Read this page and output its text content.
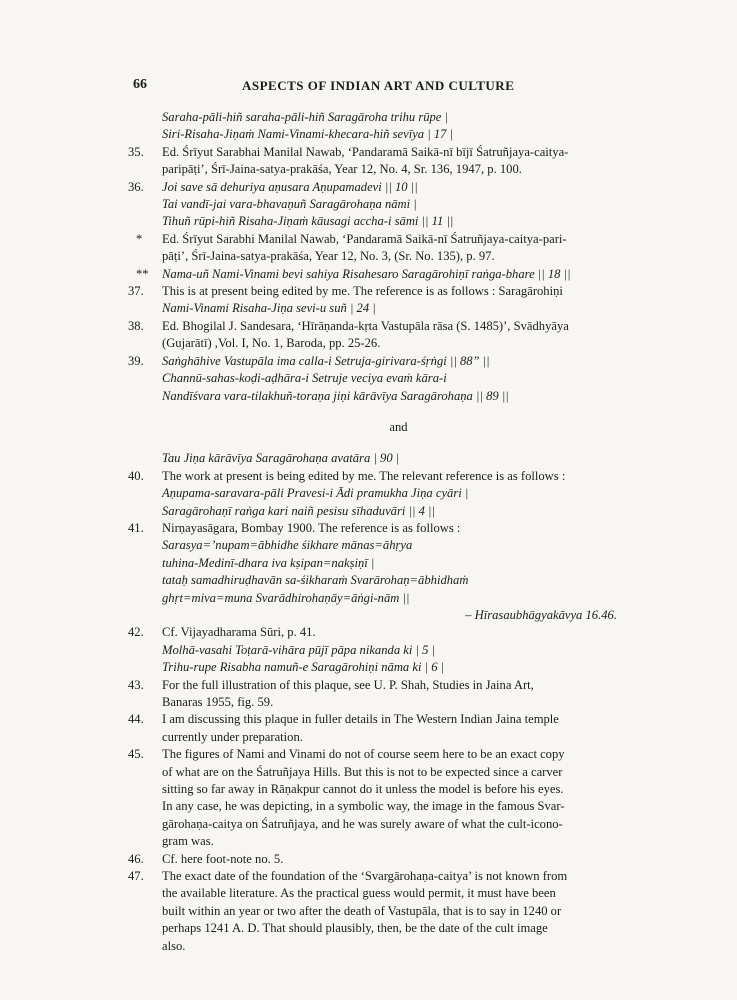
66	ASPECTS OF INDIAN ART AND CULTURE
Saraha-pāli-hiñ saraha-pāli-hiñ Saragāroha trihu rūpe |
Siri-Risaha-Jiṇaṁ Nami-Vinami-khecara-hiñ sevīya | 17 |
35.	Ed. Śrīyut Sarabhai Manilal Nawab, ‘Pandaramā Saikā-nī bījī Śatruñjaya-caitya-
paripāṭi’, Śrī-Jaina-satya-prakāśa, Year 12, No. 4, Sr. 136, 1947, p. 100.
36.	Joi save sā dehuriya aṇusara Aṇupamadevi || 10 ||
Tai vandī-jai vara-bhavaṇuñ Saragārohaṇa nāmi |
Tihuñ rūpi-hiñ Risaha-Jiṇaṁ kāusagi accha-i sāmi || 11 ||
* Ed. Śrīyut Sarabhi Manilal Nawab, ‘Pandaramā Saikā-nī Śatruñjaya-caitya-pari-
pāṭi’, Śrī-Jaina-satya-prakāśa, Year 12, No. 3, (Sr. No. 135), p. 97.
** Nama-uñ Nami-Vinami bevi sahiya Risahesaro Saragārohiṇī raṅga-bhare || 18 ||
37.	This is at present being edited by me. The reference is as follows : Saragārohiṇi
Nami-Vinami Risaha-Jiṇa sevi-u suñ | 24 |
38.	Ed. Bhogilal J. Sandesara, ‘Hīrāṇanda-kṛta Vastupāla rāsa (S. 1485)’, Svādhyāya
(Gujarātī) ,Vol. I, No. 1, Baroda, pp. 25-26.
39.	Saṅghāhive Vastupāla ima calla-i Setruja-girivara-śṛṅgi || 88” ||
Channū-sahas-koḍi-aḍhāra-i Setruje veciya evaṁ kāra-i
Nandīśvara vara-tilakhuñ-toraṇa jiṇi kārāvīya Saragārohaṇa || 89 ||
and
Tau Jiṇa kārāvīya Saragārohaṇa avatāra | 90 |
40.	The work at present is being edited by me. The relevant reference is as follows :
Aṇupama-saravara-pāli Pravesi-i Ādi pramukha Jiṇa cyāri |
Saragārohaṇī raṅga kari naiñ pesisu sīhaduvāri || 4 ||
41.	Nirṇayasāgara, Bombay 1900. The reference is as follows :
Sarasya=’nupam=ābhidhe śikhare mānas=āhṛya
tuhina-Medinī-dhara iva kṣipan=nakṣiṇī |
tataḥ samadhiruḍhavān sa-śikharaṁ Svarārohaṇ=ābhidhaṁ
ghṛt=miva=muna Svarādhirohaṇāy=āṅgi-nām ||
– Hīrasaubhāgyakāvya 16.46.
42.	Cf. Vijayadharama Sūri, p. 41.
Molhā-vasahi Toṭarā-vihāra pūjī pāpa nikanda ki | 5 |
Trihu-rupe Risabha namuñ-e Saragārohiṇi nāma ki | 6 |
43.	For the full illustration of this plaque, see U. P. Shah, Studies in Jaina Art,
Banaras 1955, fig. 59.
44.	I am discussing this plaque in fuller details in The Western Indian Jaina temple
currently under preparation.
45.	The figures of Nami and Vinami do not of course seem here to be an exact copy
of what are on the Śatruñjaya Hills. But this is not to be expected since a carver
sitting so far away in Rāṇakpur cannot do it unless the model is before his eyes.
In any case, he was depicting, in a symbolic way, the image in the famous Svar-
gārohaṇa-caitya on Śatruñjaya, and he was surely aware of what the cult-icono-
gram was.
46.	Cf. here foot-note no. 5.
47.	The exact date of the foundation of the ‘Svargārohaṇa-caitya’ is not known from
the available literature. As the practical guess would permit, it must have been
built within an year or two after the death of Vastupāla, that is to say in 1240 or
perhaps 1241 A. D. That should plausibly, then, be the date of the cult image
also.
